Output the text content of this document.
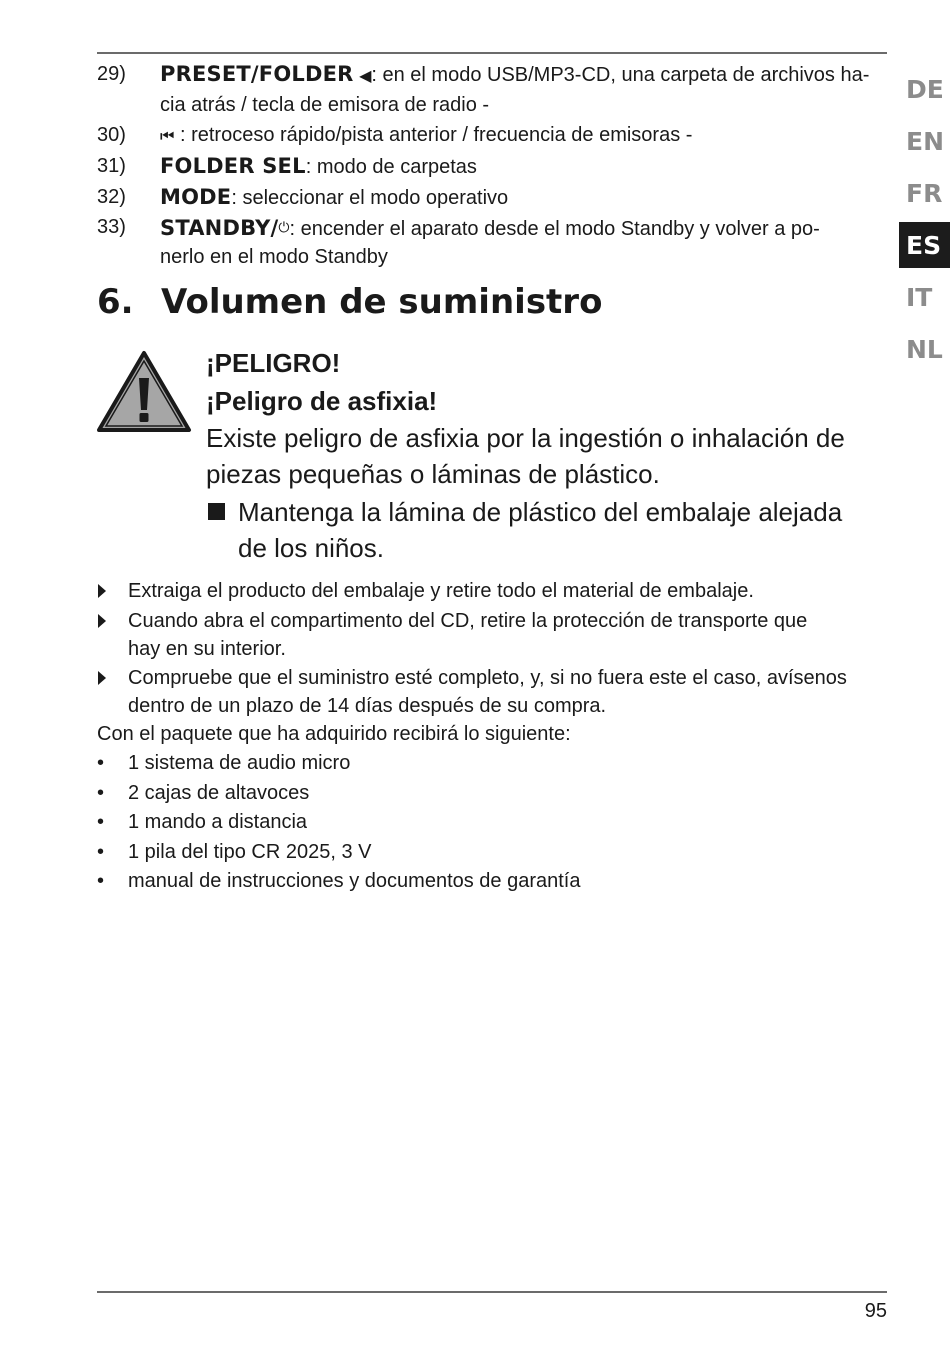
DE
EN
FR
ES
IT
NL
29) PRESET/FOLDER ◀: en el modo USB/MP3-CD, una carpeta de archivos ha-
cia atrás / tecla de emisora de radio -
30) ⏮ : retroceso rápido/pista anterior / frecuencia de emisoras -
31) FOLDER SEL: modo de carpetas
32) MODE: seleccionar el modo operativo
33) STANDBY/⏻: encender el aparato desde el modo Standby y volver a po-
nerlo en el modo Standby
6. Volumen de suministro
¡PELIGRO!
¡Peligro de asfixia!
Existe peligro de asfixia por la ingestión o inhalación de
piezas pequeñas o láminas de plástico.
Mantenga la lámina de plástico del embalaje alejada
de los niños.
Extraiga el producto del embalaje y retire todo el material de embalaje.
Cuando abra el compartimento del CD, retire la protección de transporte que
hay en su interior.
Compruebe que el suministro esté completo, y, si no fuera este el caso, avísenos
dentro de un plazo de 14 días después de su compra.
Con el paquete que ha adquirido recibirá lo siguiente:
• 1 sistema de audio micro
• 2 cajas de altavoces
• 1 mando a distancia
• 1 pila del tipo CR 2025, 3 V
• manual de instrucciones y documentos de garantía
95
